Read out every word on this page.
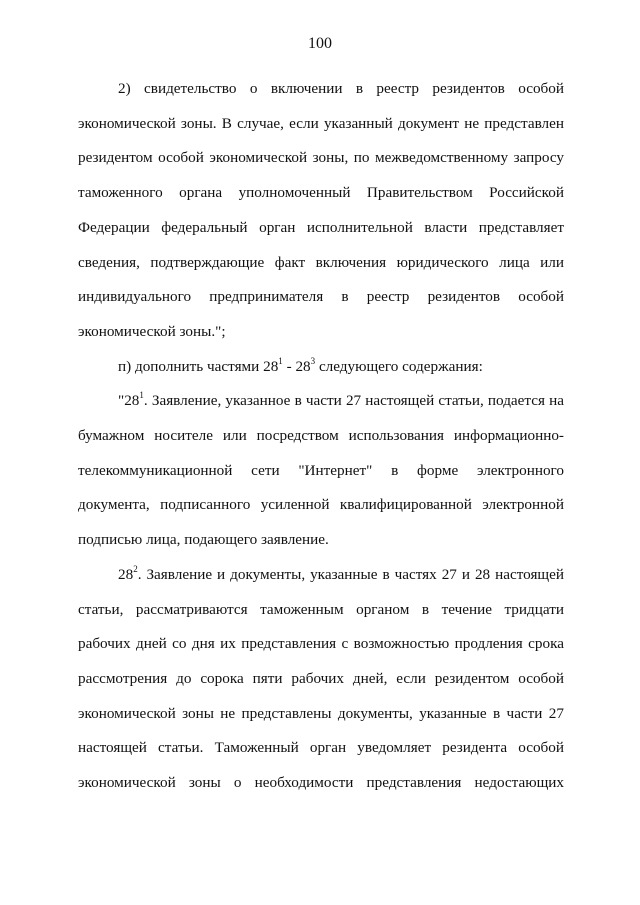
100

2) свидетельство о включении в реестр резидентов особой экономической зоны. В случае, если указанный документ не представлен резидентом особой экономической зоны, по межведомственному запросу таможенного органа уполномоченный Правительством Российской Федерации федеральный орган исполнительной власти представляет сведения, подтверждающие факт включения юридического лица или индивидуального предпринимателя в реестр резидентов особой экономической зоны.";

п) дополнить частями $28^1 - 28^3$ следующего содержания:

"$28^1$. Заявление, указанное в части 27 настоящей статьи, подается на бумажном носителе или посредством использования информационно-телекоммуникационной сети "Интернет" в форме электронного документа, подписанного усиленной квалифицированной электронной подписью лица, подающего заявление.

$28^2$. Заявление и документы, указанные в частях 27 и 28 настоящей статьи, рассматриваются таможенным органом в течение тридцати рабочих дней со дня их представления с возможностью продления срока рассмотрения до сорока пяти рабочих дней, если резидентом особой экономической зоны не представлены документы, указанные в части 27 настоящей статьи. Таможенный орган уведомляет резидента особой экономической зоны о необходимости представления недостающих
